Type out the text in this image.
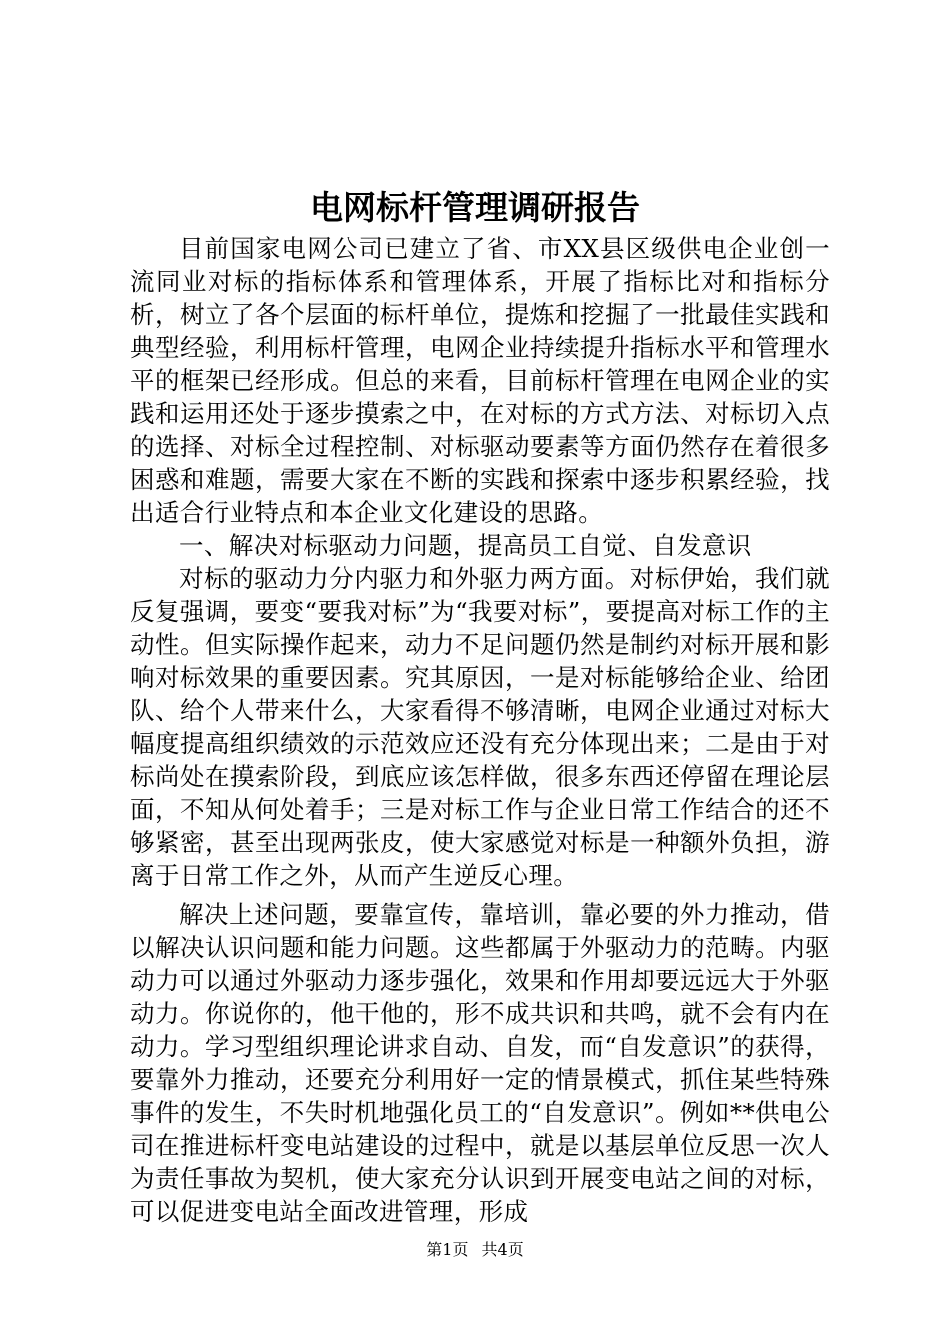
电网标杆管理调研报告

目前国家电网公司已建立了省、市XX县区级供电企业创一流同业对标的指标体系和管理体系，开展了指标比对和指标分析，树立了各个层面的标杆单位，提炼和挖掘了一批最佳实践和典型经验，利用标杆管理，电网企业持续提升指标水平和管理水平的框架已经形成。但总的来看，目前标杆管理在电网企业的实践和运用还处于逐步摸索之中，在对标的方式方法、对标切入点的选择、对标全过程控制、对标驱动要素等方面仍然存在着很多困惑和难题，需要大家在不断的实践和探索中逐步积累经验，找出适合行业特点和本企业文化建设的思路。

一、解决对标驱动力问题，提高员工自觉、自发意识

对标的驱动力分内驱力和外驱力两方面。对标伊始，我们就反复强调，要变“要我对标”为“我要对标”，要提高对标工作的主动性。但实际操作起来，动力不足问题仍然是制约对标开展和影响对标效果的重要因素。究其原因，一是对标能够给企业、给团队、给个人带来什么，大家看得不够清晰，电网企业通过对标大幅度提高组织绩效的示范效应还没有充分体现出来；二是由于对标尚处在摸索阶段，到底应该怎样做，很多东西还停留在理论层面，不知从何处着手；三是对标工作与企业日常工作结合的还不够紧密，甚至出现两张皮，使大家感觉对标是一种额外负担，游离于日常工作之外，从而产生逆反心理。

解决上述问题，要靠宣传，靠培训，靠必要的外力推动，借以解决认识问题和能力问题。这些都属于外驱动力的范畴。内驱动力可以通过外驱动力逐步强化，效果和作用却要远远大于外驱动力。你说你的，他干他的，形不成共识和共鸣，就不会有内在动力。学习型组织理论讲求自动、自发，而“自发意识”的获得，要靠外力推动，还要充分利用好一定的情景模式，抓住某些特殊事件的发生，不失时机地强化员工的“自发意识”。例如**供电公司在推进标杆变电站建设的过程中，就是以基层单位反思一次人为责任事故为契机，使大家充分认识到开展变电站之间的对标，可以促进变电站全面改进管理，形成

第1页 共4页
